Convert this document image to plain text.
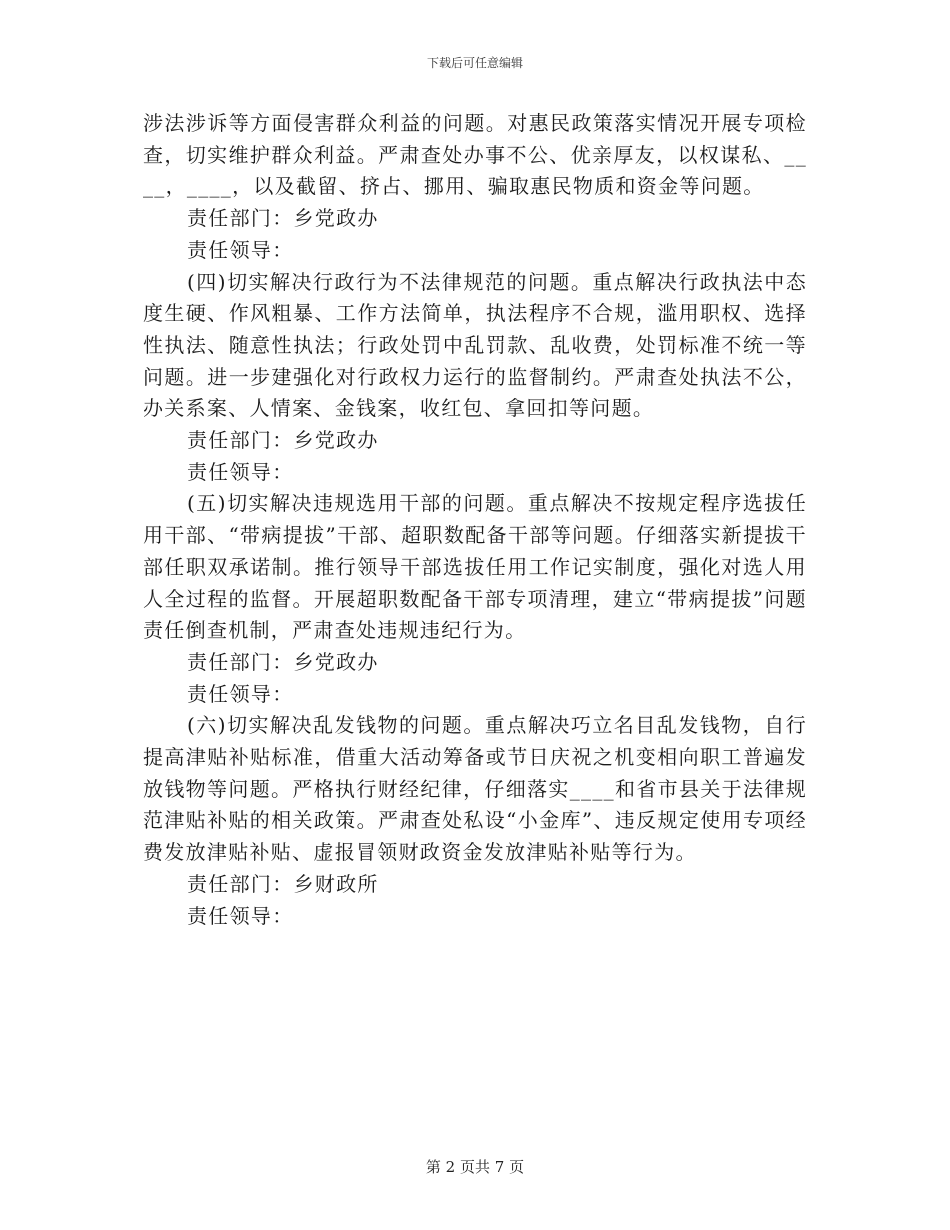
下载后可任意编辑

涉法涉诉等方面侵害群众利益的问题。对惠民政策落实情况开展专项检查，切实维护群众利益。严肃查处办事不公、优亲厚友，以权谋私、____，____，以及截留、挤占、挪用、骗取惠民物质和资金等问题。

责任部门：乡党政办

责任领导：

(四)切实解决行政行为不法律规范的问题。重点解决行政执法中态度生硬、作风粗暴、工作方法简单，执法程序不合规，滥用职权、选择性执法、随意性执法；行政处罚中乱罚款、乱收费，处罚标准不统一等问题。进一步建强化对行政权力运行的监督制约。严肃查处执法不公，办关系案、人情案、金钱案，收红包、拿回扣等问题。

责任部门：乡党政办

责任领导：

(五)切实解决违规选用干部的问题。重点解决不按规定程序选拔任用干部、“带病提拔”干部、超职数配备干部等问题。仔细落实新提拔干部任职双承诺制。推行领导干部选拔任用工作记实制度，强化对选人用人全过程的监督。开展超职数配备干部专项清理，建立“带病提拔”问题责任倒查机制，严肃查处违规违纪行为。

责任部门：乡党政办

责任领导：

(六)切实解决乱发钱物的问题。重点解决巧立名目乱发钱物，自行提高津贴补贴标准，借重大活动筹备或节日庆祝之机变相向职工普遍发放钱物等问题。严格执行财经纪律，仔细落实____和省市县关于法律规范津贴补贴的相关政策。严肃查处私设“小金库”、违反规定使用专项经费发放津贴补贴、虚报冒领财政资金发放津贴补贴等行为。

责任部门：乡财政所

责任领导：

第 2 页共 7 页
